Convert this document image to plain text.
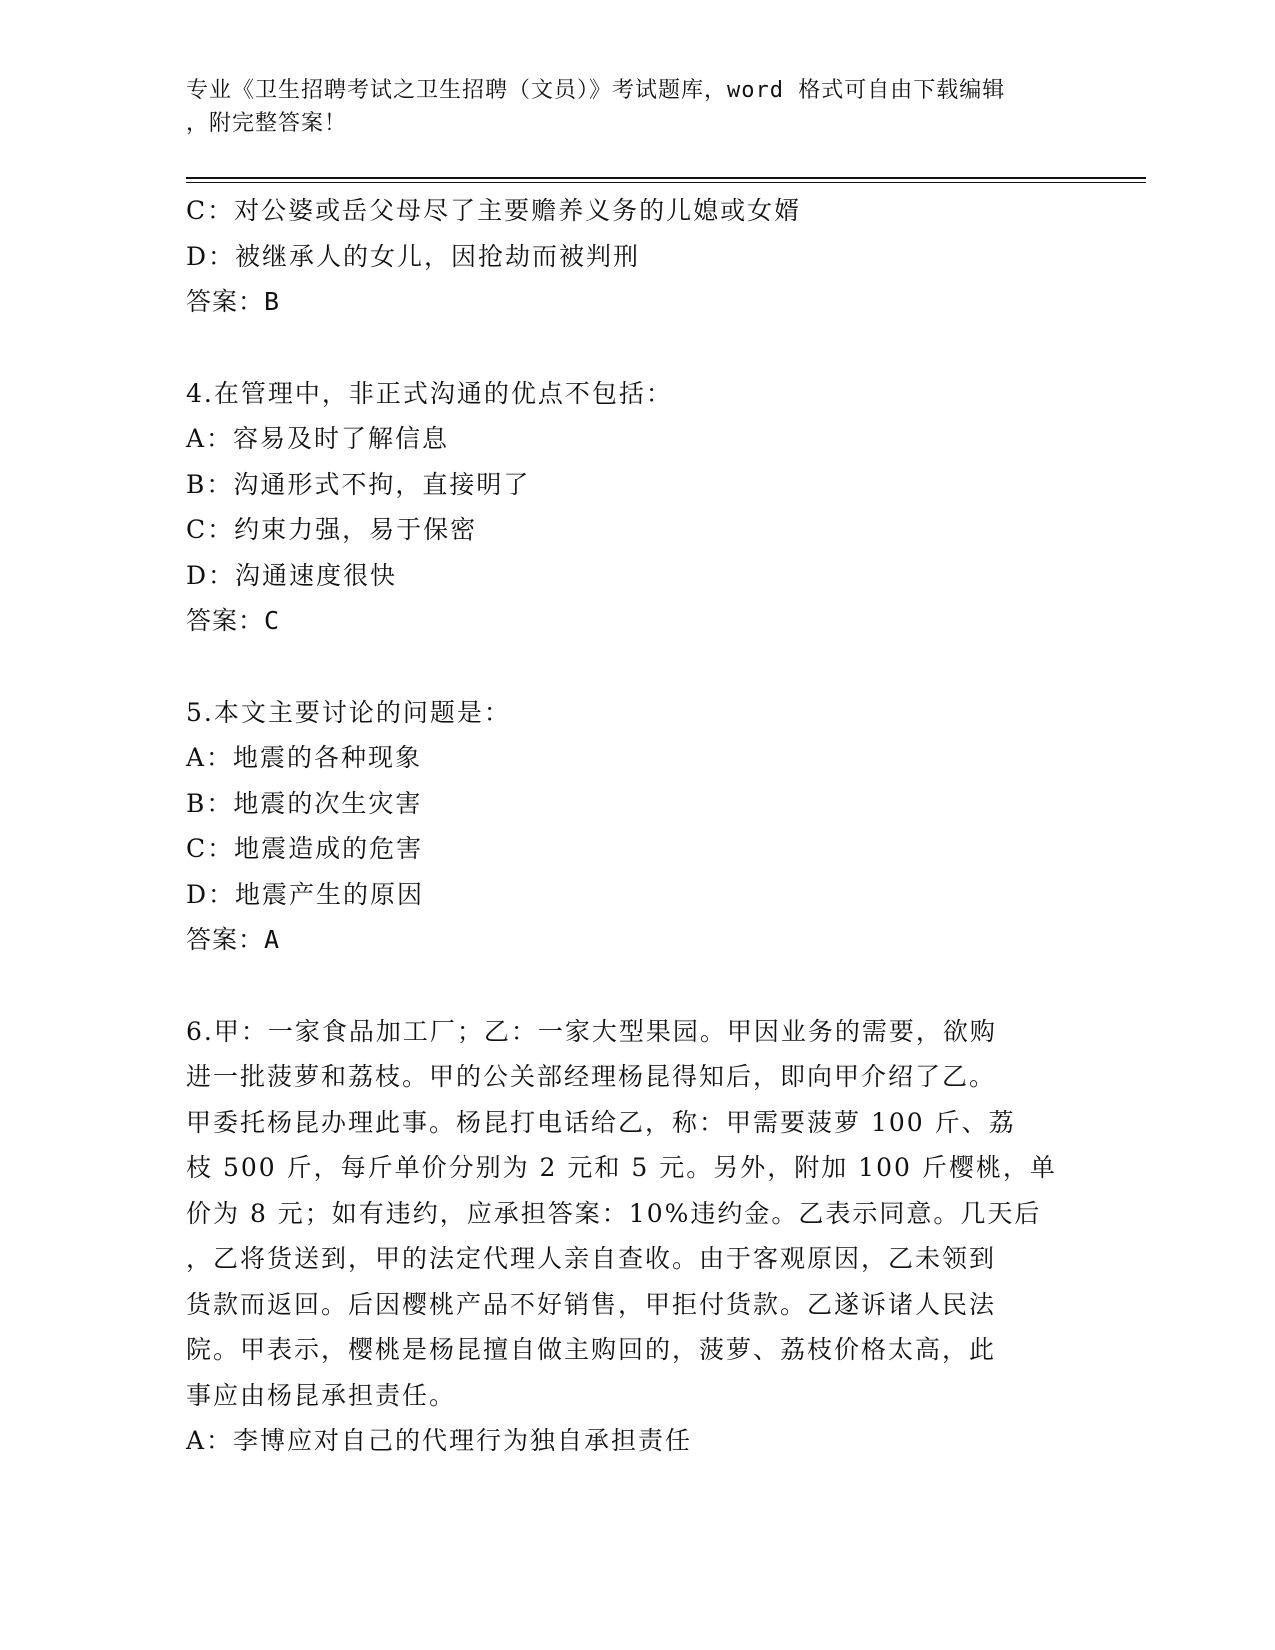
专业《卫生招聘考试之卫生招聘（文员）》考试题库，word 格式可自由下载编辑
，附完整答案！
C：对公婆或岳父母尽了主要赡养义务的儿媳或女婿
D：被继承人的女儿，因抢劫而被判刑
答案：B
4.在管理中，非正式沟通的优点不包括：
A：容易及时了解信息
B：沟通形式不拘，直接明了
C：约束力强，易于保密
D：沟通速度很快
答案：C
5.本文主要讨论的问题是：
A：地震的各种现象
B：地震的次生灾害
C：地震造成的危害
D：地震产生的原因
答案：A
6.甲：一家食品加工厂；乙：一家大型果园。甲因业务的需要，欲购
进一批菠萝和荔枝。甲的公关部经理杨昆得知后，即向甲介绍了乙。
甲委托杨昆办理此事。杨昆打电话给乙，称：甲需要菠萝 100 斤、荔
枝 500 斤，每斤单价分别为 2 元和 5 元。另外，附加 100 斤樱桃，单
价为 8 元；如有违约，应承担答案：10%违约金。乙表示同意。几天后
，乙将货送到，甲的法定代理人亲自查收。由于客观原因，乙未领到
货款而返回。后因樱桃产品不好销售，甲拒付货款。乙遂诉诸人民法
院。甲表示，樱桃是杨昆擅自做主购回的，菠萝、荔枝价格太高，此
事应由杨昆承担责任。
A：李博应对自己的代理行为独自承担责任
